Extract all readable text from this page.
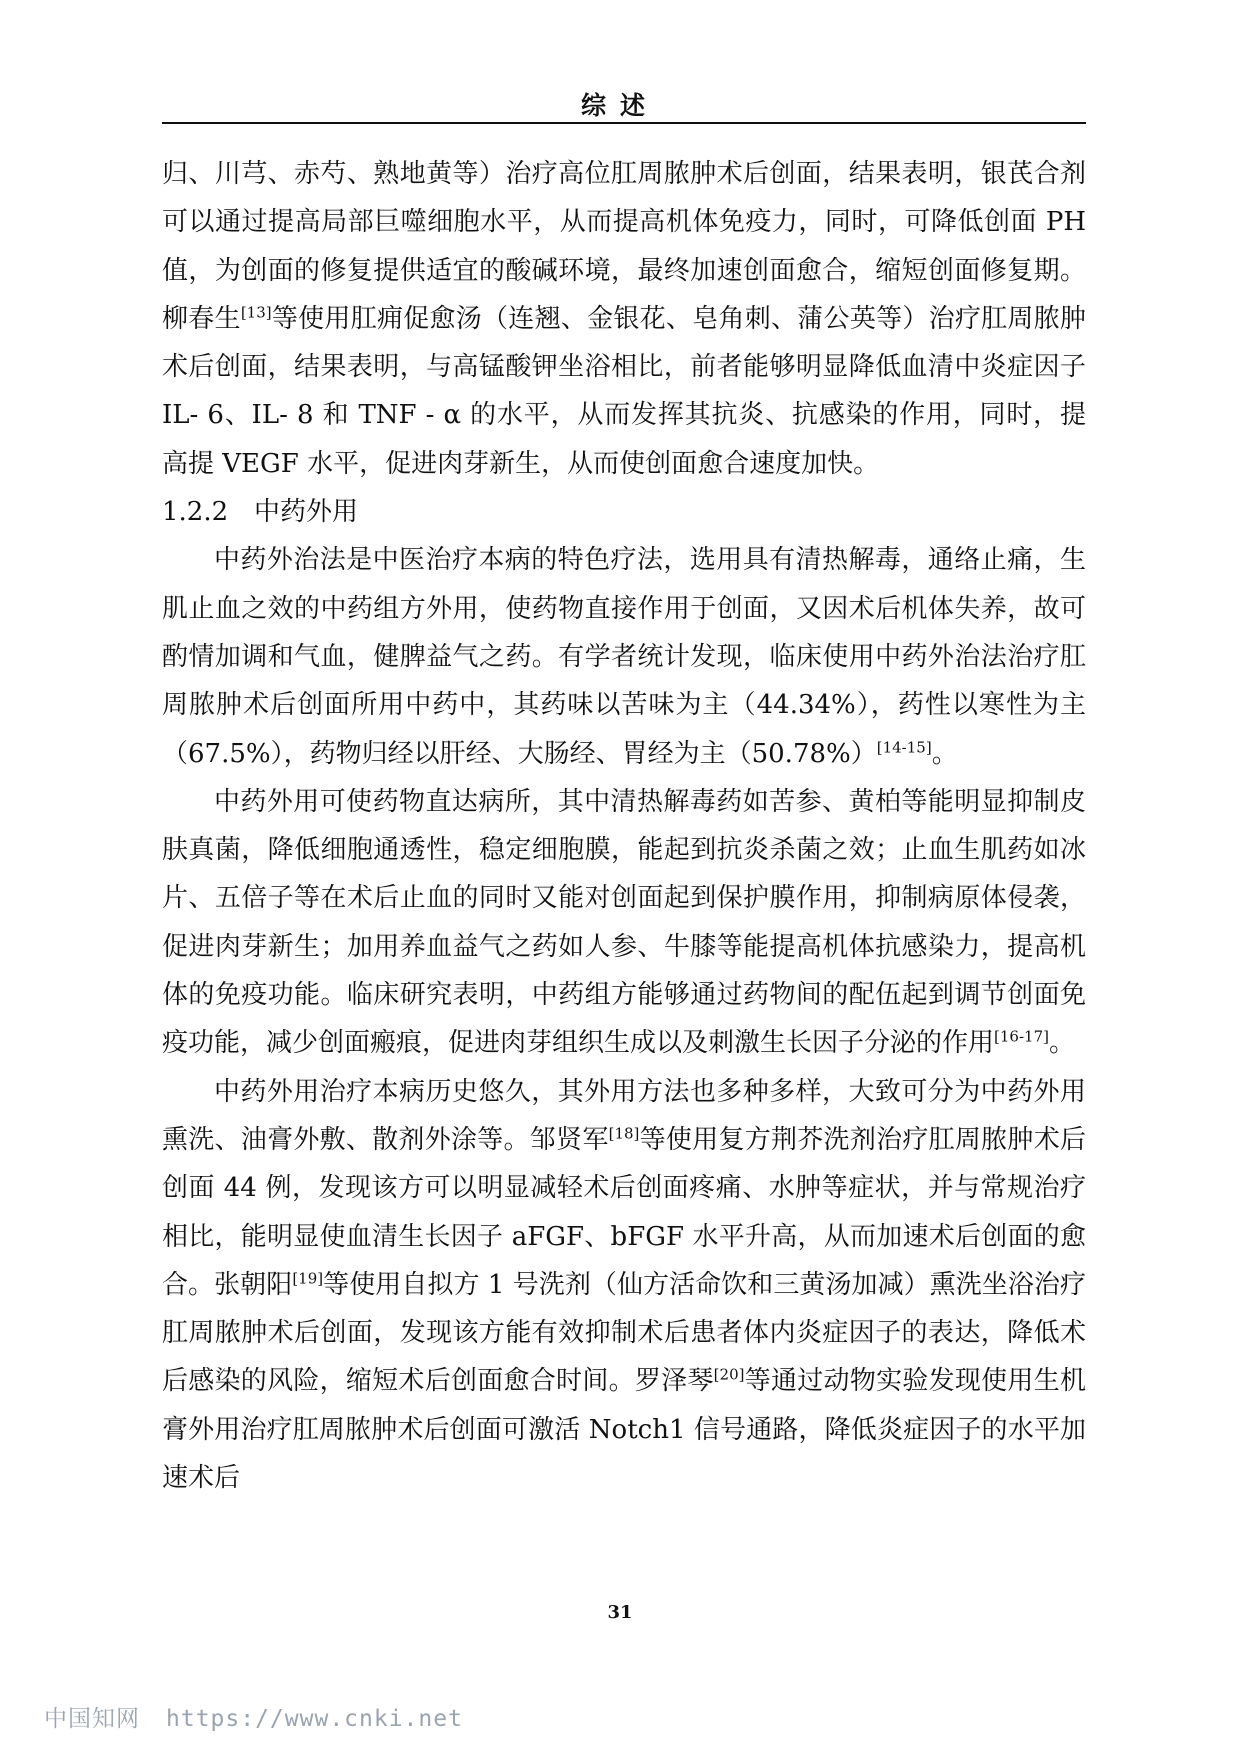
综述

归、川芎、赤芍、熟地黄等）治疗高位肛周脓肿术后创面，结果表明，银芪合剂可以通过提高局部巨噬细胞水平，从而提高机体免疫力，同时，可降低创面 PH 值，为创面的修复提供适宜的酸碱环境，最终加速创面愈合，缩短创面修复期。柳春生[13]等使用肛痈促愈汤（连翘、金银花、皂角刺、蒲公英等）治疗肛周脓肿术后创面，结果表明，与高锰酸钾坐浴相比，前者能够明显降低血清中炎症因子 IL- 6、IL- 8 和 TNF - α 的水平，从而发挥其抗炎、抗感染的作用，同时，提高提 VEGF 水平，促进肉芽新生，从而使创面愈合速度加快。

1.2.2 中药外用

中药外治法是中医治疗本病的特色疗法，选用具有清热解毒，通络止痛，生肌止血之效的中药组方外用，使药物直接作用于创面，又因术后机体失养，故可酌情加调和气血，健脾益气之药。有学者统计发现，临床使用中药外治法治疗肛周脓肿术后创面所用中药中，其药味以苦味为主（44.34%），药性以寒性为主（67.5%），药物归经以肝经、大肠经、胃经为主（50.78%）[14-15]。

中药外用可使药物直达病所，其中清热解毒药如苦参、黄柏等能明显抑制皮肤真菌，降低细胞通透性，稳定细胞膜，能起到抗炎杀菌之效；止血生肌药如冰片、五倍子等在术后止血的同时又能对创面起到保护膜作用，抑制病原体侵袭，促进肉芽新生；加用养血益气之药如人参、牛膝等能提高机体抗感染力，提高机体的免疫功能。临床研究表明，中药组方能够通过药物间的配伍起到调节创面免疫功能，减少创面瘢痕，促进肉芽组织生成以及刺激生长因子分泌的作用[16-17]。

中药外用治疗本病历史悠久，其外用方法也多种多样，大致可分为中药外用熏洗、油膏外敷、散剂外涂等。邹贤军[18]等使用复方荆芥洗剂治疗肛周脓肿术后创面 44 例，发现该方可以明显减轻术后创面疼痛、水肿等症状，并与常规治疗相比，能明显使血清生长因子 aFGF、bFGF 水平升高，从而加速术后创面的愈合。张朝阳[19]等使用自拟方 1 号洗剂（仙方活命饮和三黄汤加减）熏洗坐浴治疗肛周脓肿术后创面，发现该方能有效抑制术后患者体内炎症因子的表达，降低术后感染的风险，缩短术后创面愈合时间。罗泽琴[20]等通过动物实验发现使用生机膏外用治疗肛周脓肿术后创面可激活 Notch1 信号通路，降低炎症因子的水平加速术后

31
中国知网 https://www.cnki.net
